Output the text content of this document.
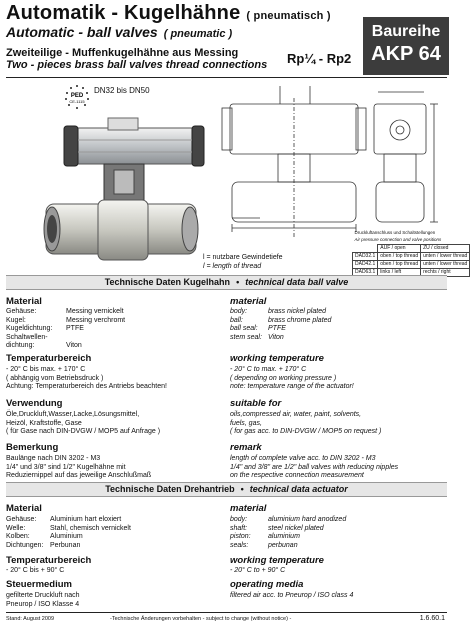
Automatik - Kugelhähne ( pneumatisch )
Automatic - ball valves ( pneumatic )
Zweiteilige - Muffenkugelhähne aus Messing
Two - pieces brass ball valves thread connections Rp¼ - Rp2
Baureihe
AKP 64
PED
CE-1115
DN32 bis DN50
l = nutzbare Gewindetiefe
l = length of thread
Druckluftanschluss und Schaltstellungen		
Air pressure connection and valve positions		
	AUF / open	ZU / closed
DAD32.1	oben / top thread	unten / lower thread
DAD42.1	oben / top thread	unten / lower thread
DAD63.1	links / left	rechts / right
Technische Daten Kugelhahn • technical data ball valve
Material	material
Gehäuse:	Messing vernickelt
Kugel:	Messing verchromt
Kugeldichtung: PTFE
Schaltwellen-
dichtung:	Viton
body:	brass nickel plated
ball:	brass chrome plated
ball seal: PTFE
stem seal: Viton
Temperaturbereich	working temperature
- 20° C bis max. + 170° C
( abhängig vom Betriebsdruck )
Achtung: Temperaturbereich des Antriebs beachten!
- 20° C to max. + 170° C
( depending on working pressure )
note: temperature range of the actuator!
Verwendung	suitable for
Öle,Druckluft,Wasser,Lacke,Lösungsmittel,
Heizöl, Kraftstoffe, Gase
( für Gase nach DIN-DVGW / MOP5 auf Anfrage )
oils,compressed air, water, paint, solvents,
fuels, gas,
( for gas acc. to DIN-DVGW / MOP5 on request )
Bemerkung	remark
Baulänge nach DIN 3202 - M3
1/4" und 3/8" sind 1/2" Kugelhähne mit
Reduziernippel auf das jeweilige Anschlußmaß
length of complete valve acc. to DIN 3202 - M3
1/4" and 3/8" are 1/2" ball valves with reducing nipples
on the respective connection measurement
Technische Daten Drehantrieb • technical data actuator
Material	material
Gehäuse: Aluminium hart eloxiert
Welle:	Stahl, chemisch vernickelt
Kolben:	Aluminium
Dichtungen: Perbunan
body:	aluminium hard anodized
shaft:	steel nickel plated
piston: aluminium
seals:	perbunan
Temperaturbereich	working temperature
- 20° C bis + 90° C	- 20° C to + 90° C
Steuermedium	operating media
gefilterte Druckluft nach
Pneurop / ISO Klasse 4
filtered air acc. to Pneurop / ISO class 4
Stand: August 2009	-Technische Änderungen vorbehalten - subject to change (without notice) -	1.6.60.1
